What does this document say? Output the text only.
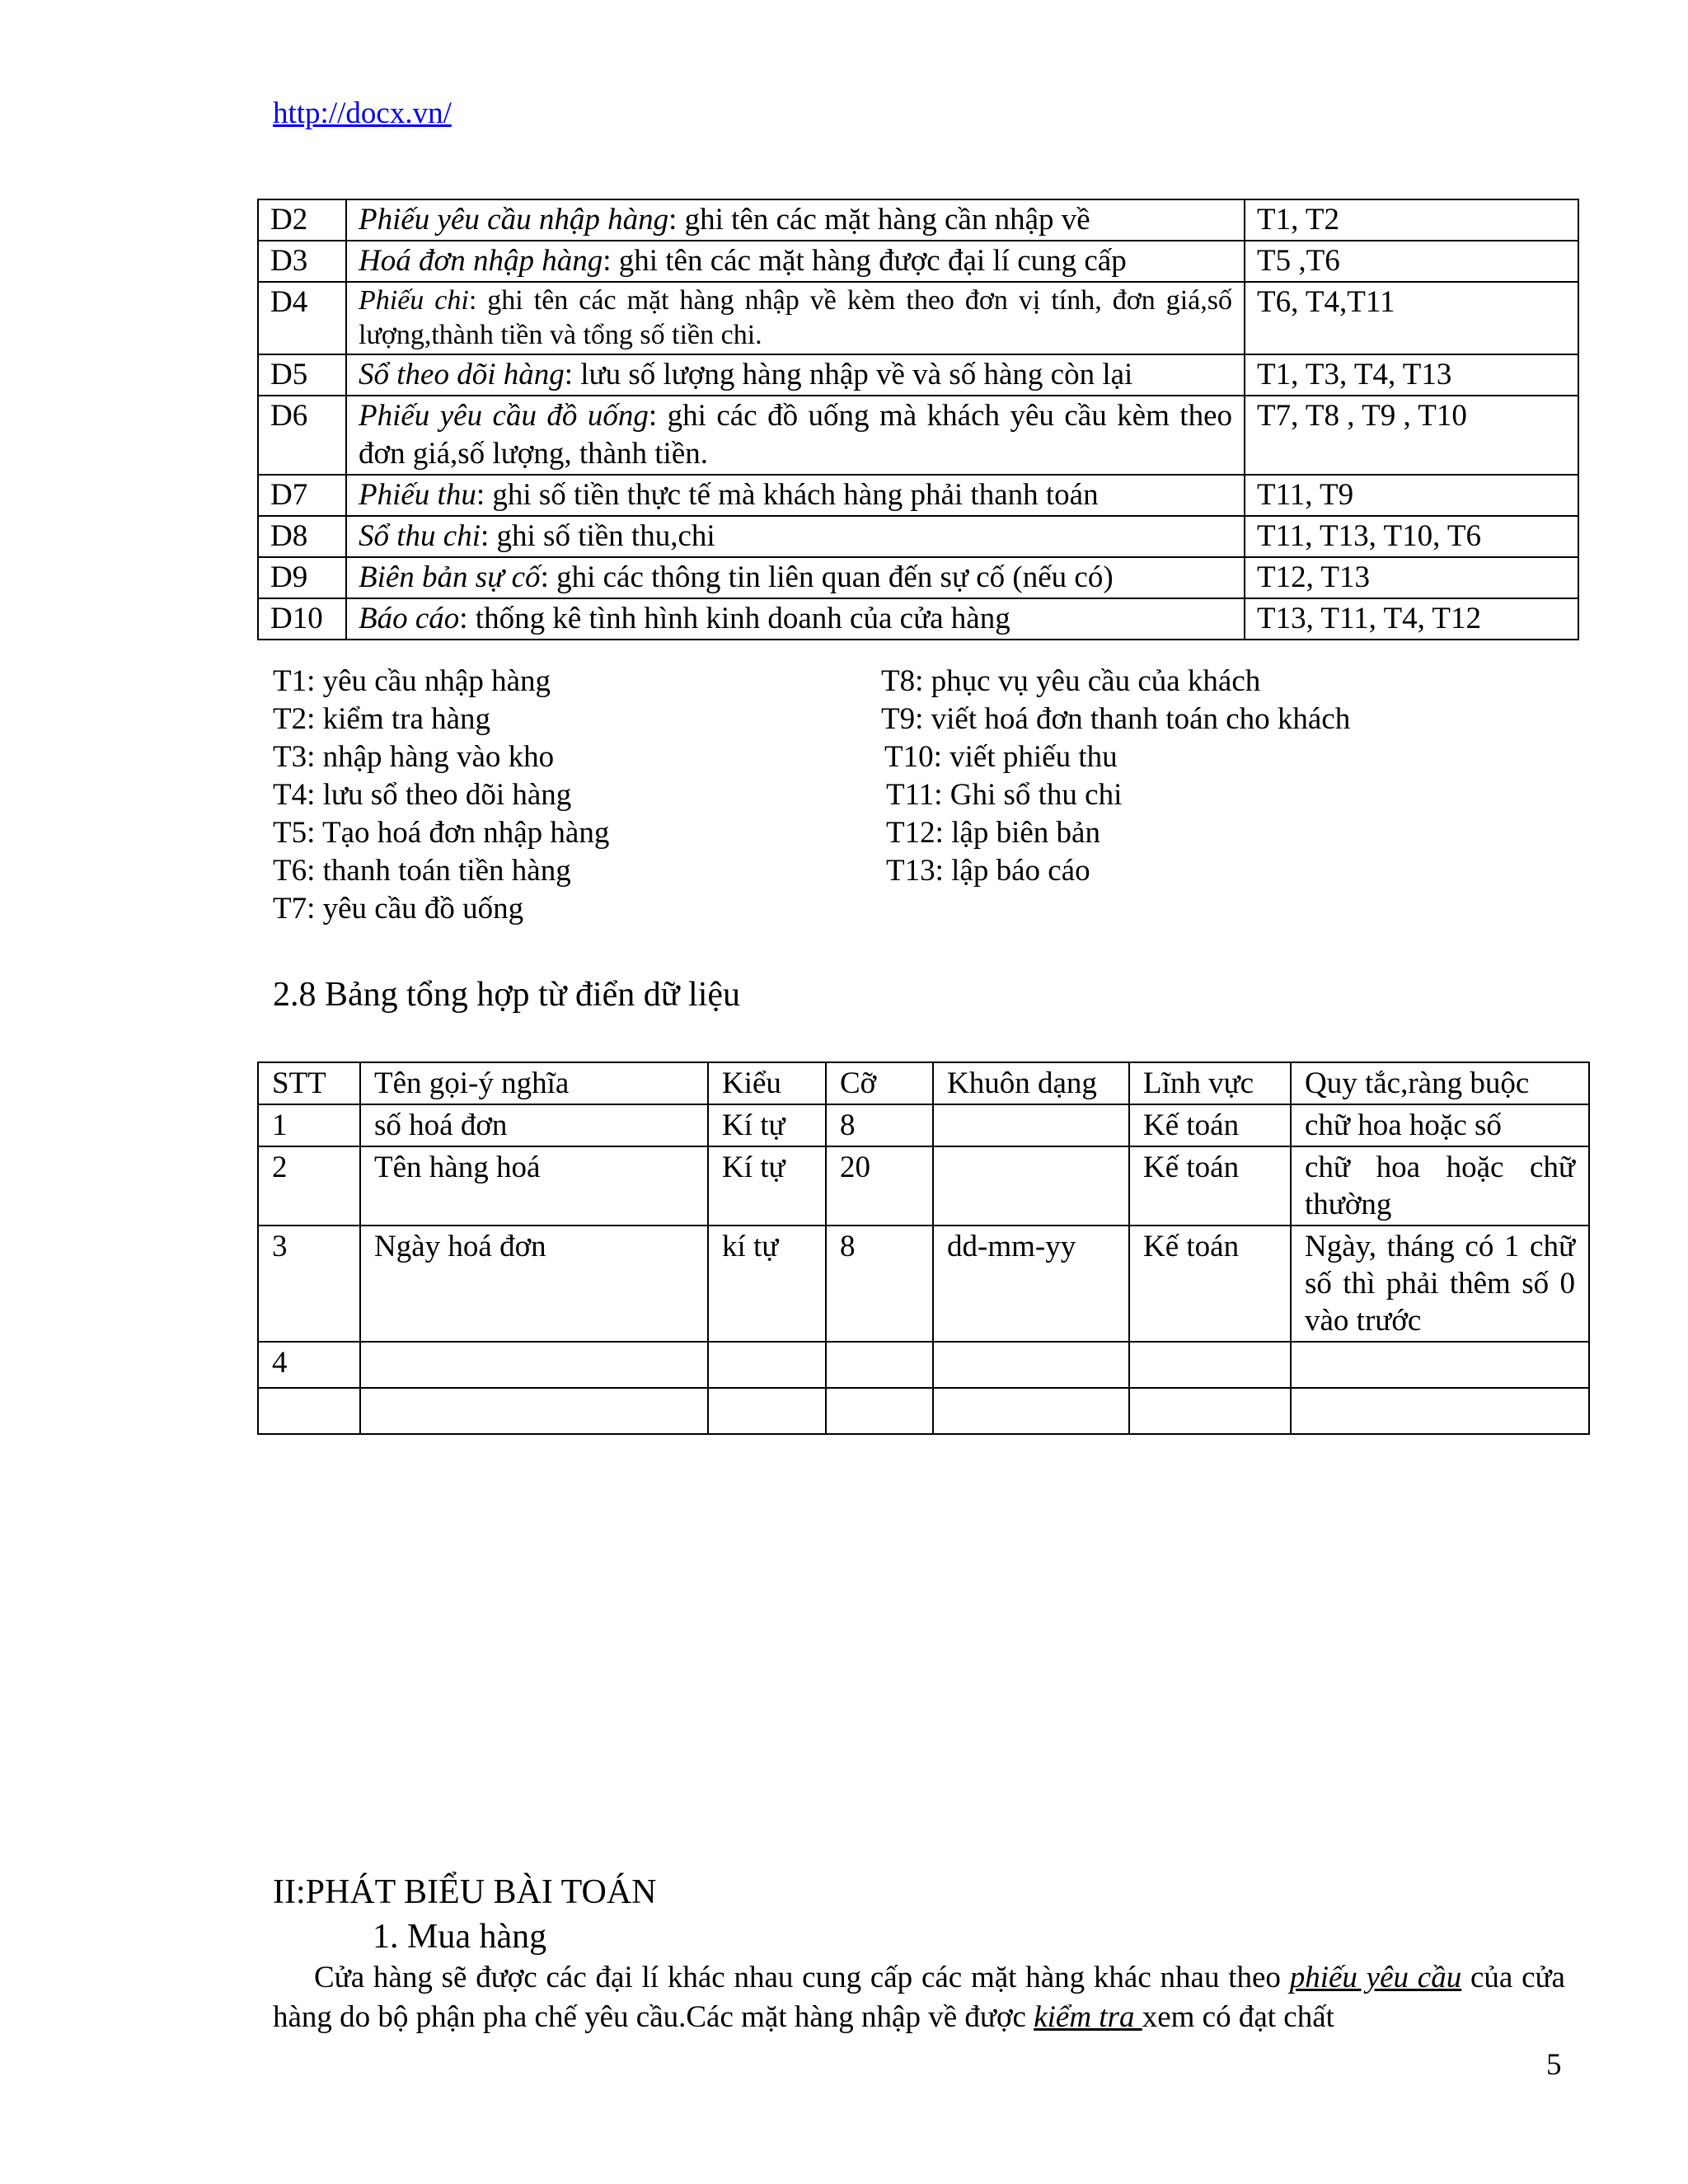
http://docx.vn/
D2	Phiếu yêu cầu nhập hàng: ghi tên các mặt hàng cần nhập về	T1, T2
D3	Hoá đơn nhập hàng: ghi tên các mặt hàng được đại lí cung cấp	T5 ,T6
D4	Phiếu chi: ghi tên các mặt hàng nhập về kèm theo đơn vị tính, đơn giá,số lượng,thành tiền và tổng số tiền chi.	T6, T4,T11
D5	Sổ theo dõi hàng: lưu số lượng hàng nhập về và số hàng còn lại	T1, T3, T4, T13
D6	Phiếu yêu cầu đồ uống: ghi các đồ uống mà khách yêu cầu kèm theo đơn giá,số lượng, thành tiền.	T7, T8 , T9 , T10
D7	Phiếu thu: ghi số tiền thực tế mà khách hàng phải thanh toán	T11, T9
D8	Sổ thu chi: ghi số tiền thu,chi	T11, T13, T10, T6
D9	Biên bản sự cố: ghi các thông tin liên quan đến sự cố (nếu có)	T12, T13
D10	Báo cáo: thống kê tình hình kinh doanh của cửa hàng	T13, T11, T4, T12
T1: yêu cầu nhập hàng
T2: kiểm tra hàng
T3: nhập hàng vào kho
T4: lưu sổ theo dõi hàng
T5: Tạo hoá đơn nhập hàng
T6: thanh toán tiền hàng
T7: yêu cầu đồ uống
T8: phục vụ yêu cầu của khách
T9: viết hoá đơn thanh toán cho khách
T10: viết phiếu thu
T11: Ghi sổ thu chi
T12: lập biên bản
T13: lập báo cáo
2.8 Bảng tổng hợp từ điển dữ liệu
STT	Tên gọi-ý nghĩa	Kiểu	Cỡ	Khuôn dạng	Lĩnh vực	Quy tắc,ràng buộc
1	số hoá đơn	Kí tự	8		Kế toán	chữ hoa hoặc số
2	Tên hàng hoá	Kí tự	20		Kế toán	chữ hoa hoặc chữ thường
3	Ngày hoá đơn	kí tự	8	dd-mm-yy	Kế toán	Ngày, tháng có 1 chữ số thì phải thêm số 0 vào trước
4						

II:PHÁT BIỂU BÀI TOÁN
1. Mua hàng
Cửa hàng sẽ được các đại lí khác nhau cung cấp các mặt hàng khác nhau theo phiếu yêu cầu của cửa hàng do bộ phận pha chế yêu cầu.Các mặt hàng nhập về được kiểm tra xem có đạt chất
5
